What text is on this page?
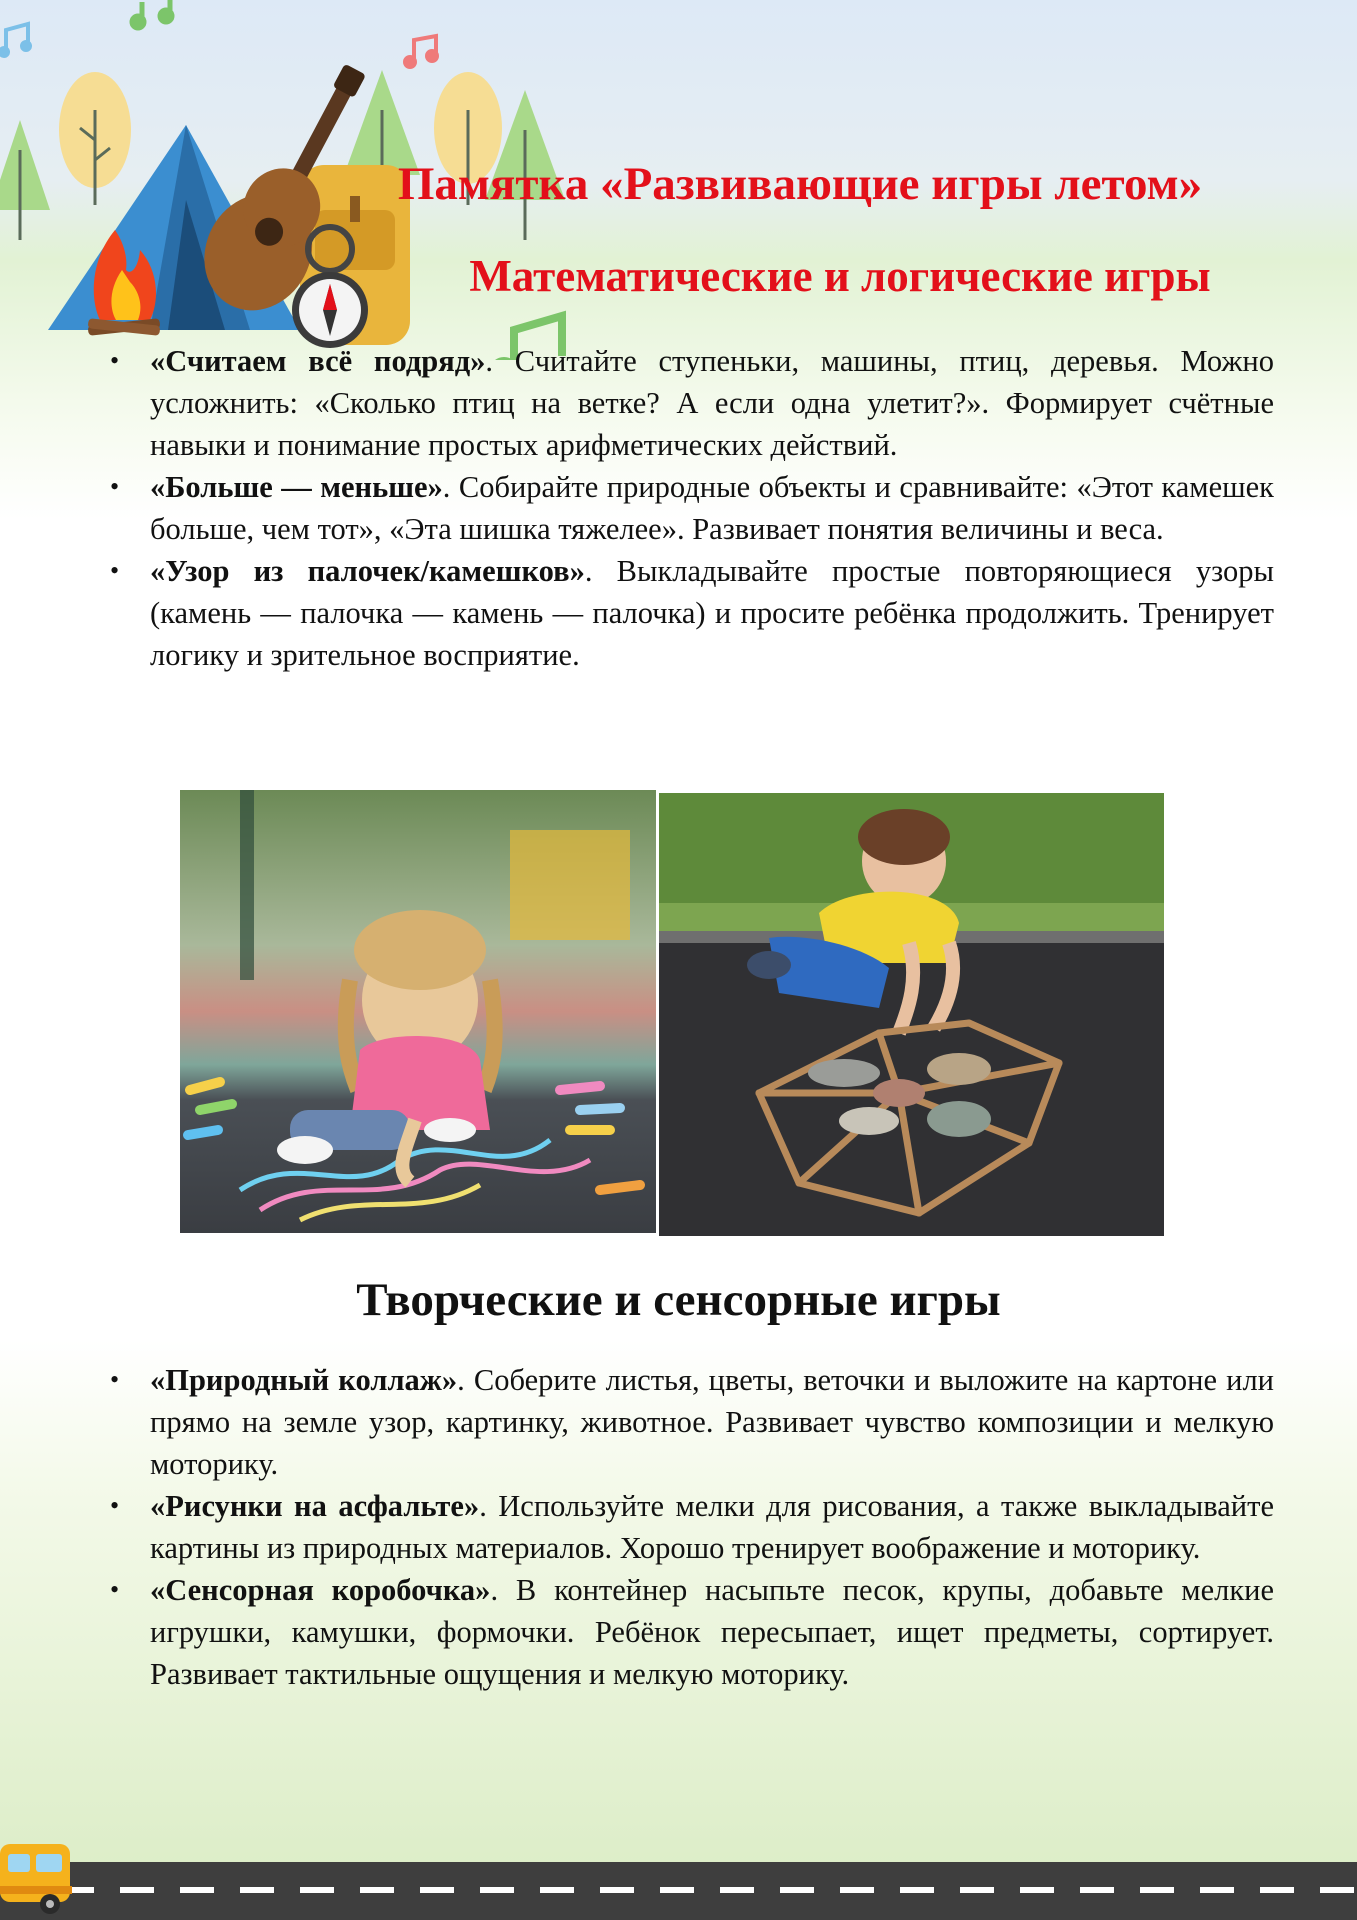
Памятка «Развивающие игры летом»
Математические и логические игры
• «Считаем всё подряд». Считайте ступеньки, машины, птиц, деревья. Можно усложнить: «Сколько птиц на ветке? А если одна улетит?». Формирует счётные навыки и понимание простых арифметических действий.
• «Больше — меньше». Собирайте природные объекты и сравнивайте: «Этот камешек больше, чем тот», «Эта шишка тяжелее». Развивает понятия величины и веса.
• «Узор из палочек/камешков». Выкладывайте простые повторяющиеся узоры (камень — палочка — камень — палочка) и просите ребёнка продолжить. Тренирует логику и зрительное восприятие.
Творческие и сенсорные игры
• «Природный коллаж». Соберите листья, цветы, веточки и выложите на картоне или прямо на земле узор, картинку, животное. Развивает чувство композиции и мелкую моторику.
• «Рисунки на асфальте». Используйте мелки для рисования, а также выкладывайте картины из природных материалов. Хорошо тренирует воображение и моторику.
• «Сенсорная коробочка». В контейнер насыпьте песок, крупы, добавьте мелкие игрушки, камушки, формочки. Ребёнок пересыпает, ищет предметы, сортирует. Развивает тактильные ощущения и мелкую моторику.
